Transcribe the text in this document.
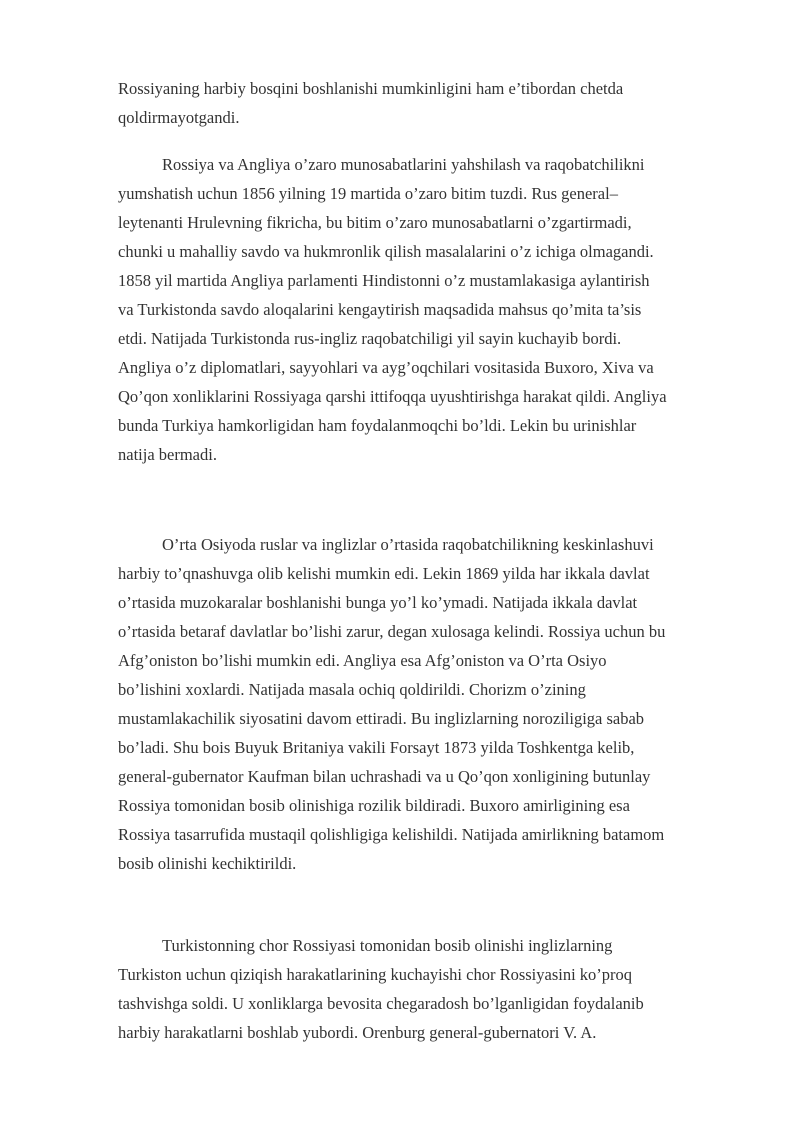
Rossiyaning harbiy bosqini boshlanishi mumkinligini ham e’tibordan chetda
qoldirmayotgandi.
Rossiya va Angliya o’zaro munosabatlarini yahshilash va raqobatchilikni
yumshatish uchun 1856 yilning 19 martida o’zaro bitim tuzdi. Rus general–
leytenanti Hrulevning fikricha, bu bitim o’zaro munosabatlarni o’zgartirmadi,
chunki u mahalliy savdo va hukmronlik qilish masalalarini o’z ichiga olmagandi.
1858 yil martida Angliya parlamenti Hindistonni o’z mustamlakasiga aylantirish
va Turkistonda savdo aloqalarini kengaytirish maqsadida mahsus qo’mita ta’sis
etdi. Natijada Turkistonda rus-ingliz raqobatchiligi yil sayin kuchayib bordi.
Angliya o’z diplomatlari, sayyohlari va ayg’oqchilari vositasida Buxoro, Xiva va
Qo’qon xonliklarini Rossiyaga qarshi ittifoqqa uyushtirishga harakat qildi. Angliya
bunda Turkiya hamkorligidan ham foydalanmoqchi bo’ldi. Lekin bu urinishlar
natija bermadi.
O’rta Osiyoda ruslar va inglizlar o’rtasida raqobatchilikning keskinlashuvi
harbiy to’qnashuvga olib kelishi mumkin edi. Lekin 1869 yilda har ikkala davlat
o’rtasida muzokaralar boshlanishi bunga yo’l ko’ymadi. Natijada ikkala davlat
o’rtasida betaraf davlatlar bo’lishi zarur, degan xulosaga kelindi. Rossiya uchun bu
Afg’oniston bo’lishi mumkin edi. Angliya esa Afg’oniston va O’rta Osiyo
bo’lishini xoxlardi. Natijada masala ochiq qoldirildi. Chorizm o’zining
mustamlakachilik siyosatini davom ettiradi. Bu inglizlarning noroziligiga sabab
bo’ladi. Shu bois Buyuk Britaniya vakili Forsayt 1873 yilda Toshkentga kelib,
general-gubernator Kaufman bilan uchrashadi va u Qo’qon xonligining butunlay
Rossiya tomonidan bosib olinishiga rozilik bildiradi. Buxoro amirligining esa
Rossiya tasarrufida mustaqil qolishligiga kelishildi. Natijada amirlikning batamom
bosib olinishi kechiktirildi.
Turkistonning chor Rossiyasi tomonidan bosib olinishi inglizlarning
Turkiston uchun qiziqish harakatlarining kuchayishi chor Rossiyasini ko’proq
tashvishga soldi. U xonliklarga bevosita chegaradosh bo’lganligidan foydalanib
harbiy harakatlarni boshlab yubordi. Orenburg general-gubernatori V. A.
